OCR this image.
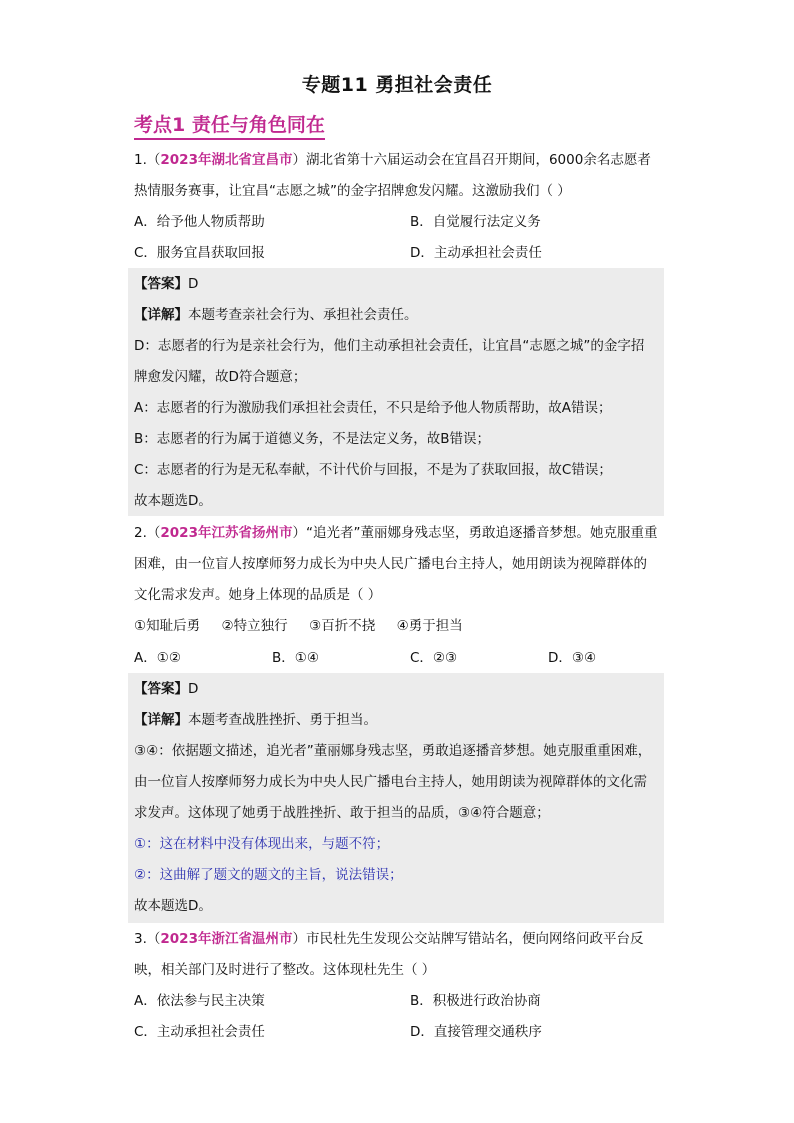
专题11 勇担社会责任
考点1 责任与角色同在
1.（2023年湖北省宜昌市）湖北省第十六届运动会在宜昌召开期间，6000余名志愿者
热情服务赛事，让宜昌“志愿之城”的金字招牌愈发闪耀。这激励我们（ ）
A．给予他人物质帮助	B．自觉履行法定义务
C．服务宜昌获取回报	D．主动承担社会责任
【答案】D
【详解】本题考查亲社会行为、承担社会责任。
D：志愿者的行为是亲社会行为，他们主动承担社会责任，让宜昌“志愿之城”的金字招
牌愈发闪耀，故D符合题意；
A：志愿者的行为激励我们承担社会责任，不只是给予他人物质帮助，故A错误；
B：志愿者的行为属于道德义务，不是法定义务，故B错误；
C：志愿者的行为是无私奉献，不计代价与回报，不是为了获取回报，故C错误；
故本题选D。
2.（2023年江苏省扬州市）“追光者”董丽娜身残志坚，勇敢追逐播音梦想。她克服重重
困难，由一位盲人按摩师努力成长为中央人民广播电台主持人，她用朗读为视障群体的
文化需求发声。她身上体现的品质是（ ）
①知耻后勇     ②特立独行     ③百折不挠     ④勇于担当
A．①②	B．①④	C．②③	D．③④
【答案】D
【详解】本题考查战胜挫折、勇于担当。
③④：依据题文描述，追光者”董丽娜身残志坚，勇敢追逐播音梦想。她克服重重困难，
由一位盲人按摩师努力成长为中央人民广播电台主持人，她用朗读为视障群体的文化需
求发声。这体现了她勇于战胜挫折、敢于担当的品质，③④符合题意；
①：这在材料中没有体现出来，与题不符；
②：这曲解了题文的题文的主旨，说法错误；
故本题选D。
3.（2023年浙江省温州市）市民杜先生发现公交站牌写错站名，便向网络问政平台反
映，相关部门及时进行了整改。这体现杜先生（ ）
A．依法参与民主决策	B．积极进行政治协商
C．主动承担社会责任	D．直接管理交通秩序
